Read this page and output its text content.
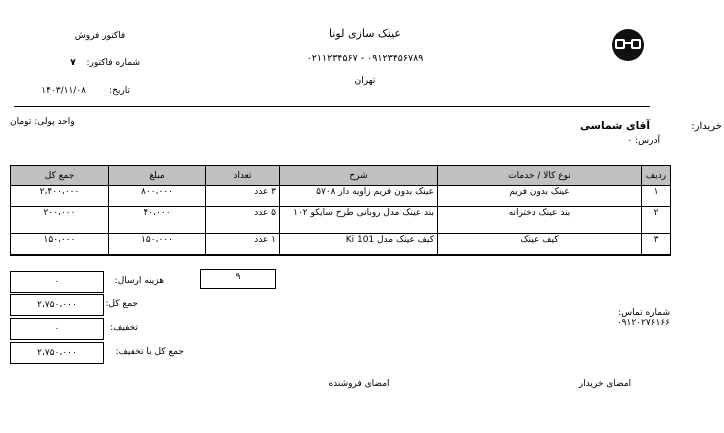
عینک سازی لونا
۰۲۱۱۲۳۴۵۶۷ - ۰۹۱۲۳۴۵۶۷۸۹
تهران
فاکتور فروش
شماره فاکتور:
۷
تاریخ:
۱۴۰۳/۱۱/۰۸
واحد پولی: تومان	خریدار:
آقای شماسی
آدرس: ۰
ردیف	نوع کالا / خدمات	شرح	تعداد	مبلغ	جمع کل
۱	عینک بدون فریم	عینک بدون فریم زاویه دار ۵۷۰۸	۳ عدد	۸۰۰،۰۰۰	۲،۴۰۰،۰۰۰
۲	بند عینک دخترانه	بند عینک مدل روبانی طرح سایکو ۱۰۲	۵ عدد	۴۰،۰۰۰	۲۰۰،۰۰۰
۳	کیف عینک	کیف عینک مدل Ki 101	۱ عدد	۱۵۰،۰۰۰	۱۵۰،۰۰۰
۹
۰	هزینه ارسال:
۲،۷۵۰،۰۰۰	جمع کل:
۰	تخفیف:
۲،۷۵۰،۰۰۰	جمع کل با تخفیف:
شماره تماس: ۰۹۱۲۰۲۷۶۱۶۶
امضای خریدار
امضای فروشنده
